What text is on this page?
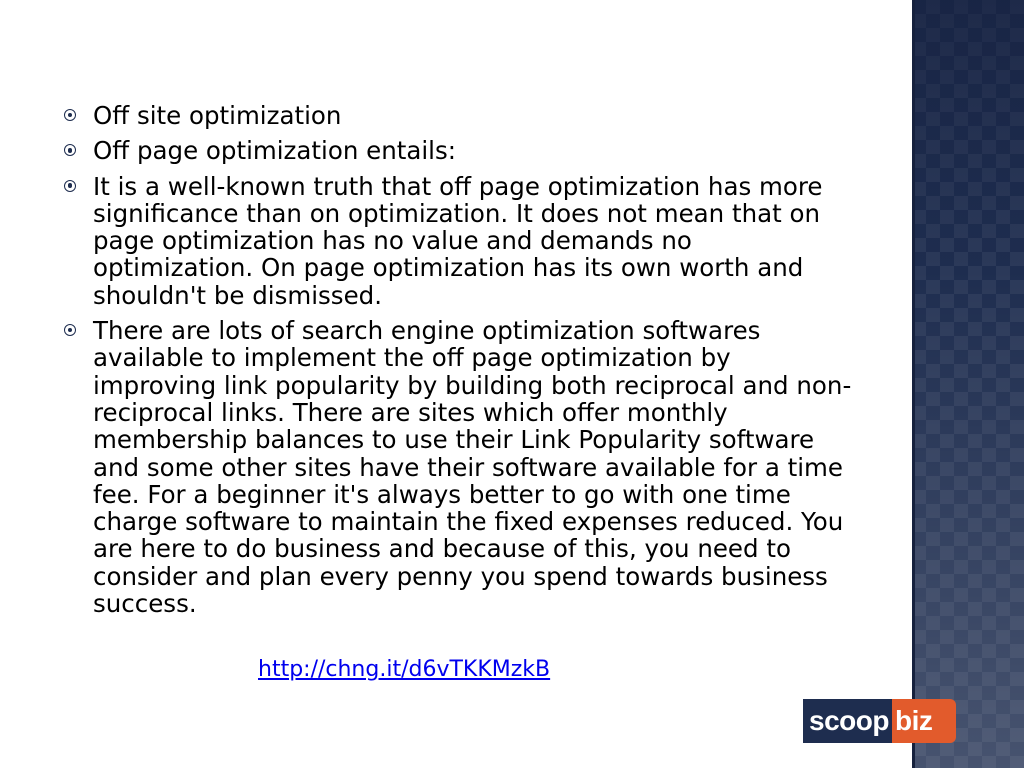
Off site optimization
Off page optimization entails:
It is a well-known truth that off page optimization has more significance than on optimization. It does not mean that on page optimization has no value and demands no optimization. On page optimization has its own worth and shouldn't be dismissed.
There are lots of search engine optimization softwares available to implement the off page optimization by improving link popularity by building both reciprocal and non-reciprocal links. There are sites which offer monthly membership balances to use their Link Popularity software and some other sites have their software available for a time fee. For a beginner it's always better to go with one time charge software to maintain the fixed expenses reduced. You are here to do business and because of this, you need to consider and plan every penny you spend towards business success.
http://chng.it/d6vTKKMzkB
scoop biz
